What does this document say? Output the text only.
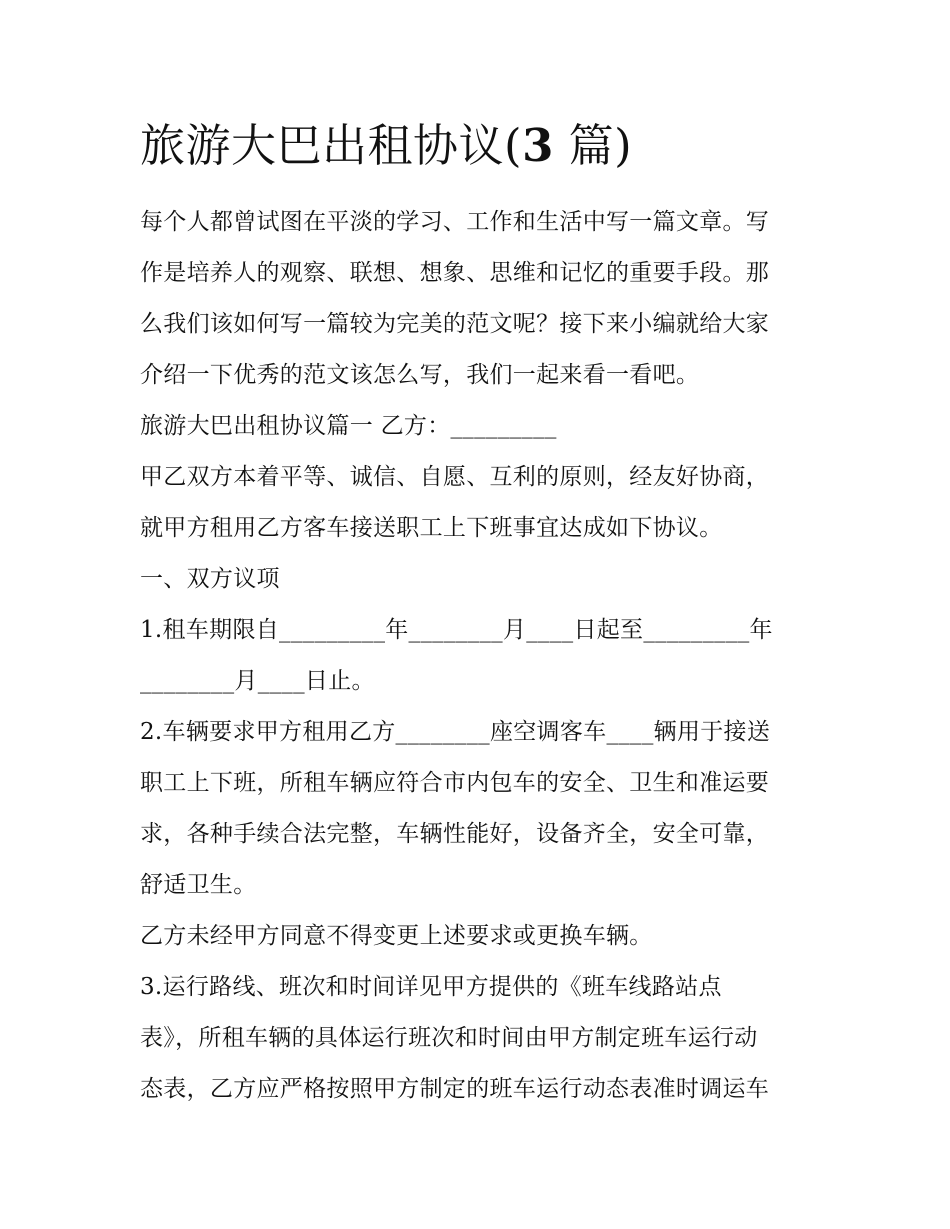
旅游大巴出租协议(3 篇)
每个人都曾试图在平淡的学习、工作和生活中写一篇文章。写
作是培养人的观察、联想、想象、思维和记忆的重要手段。那
么我们该如何写一篇较为完美的范文呢？接下来小编就给大家
介绍一下优秀的范文该怎么写，我们一起来看一看吧。
旅游大巴出租协议篇一 乙方：_________
甲乙双方本着平等、诚信、自愿、互利的原则，经友好协商，
就甲方租用乙方客车接送职工上下班事宜达成如下协议。
一、双方议项
1.租车期限自_________年________月____日起至_________年
________月____日止。
2.车辆要求甲方租用乙方________座空调客车____辆用于接送
职工上下班，所租车辆应符合市内包车的安全、卫生和准运要
求，各种手续合法完整，车辆性能好，设备齐全，安全可靠，
舒适卫生。
乙方未经甲方同意不得变更上述要求或更换车辆。
3.运行路线、班次和时间详见甲方提供的《班车线路站点
表》，所租车辆的具体运行班次和时间由甲方制定班车运行动
态表，乙方应严格按照甲方制定的班车运行动态表准时调运车
